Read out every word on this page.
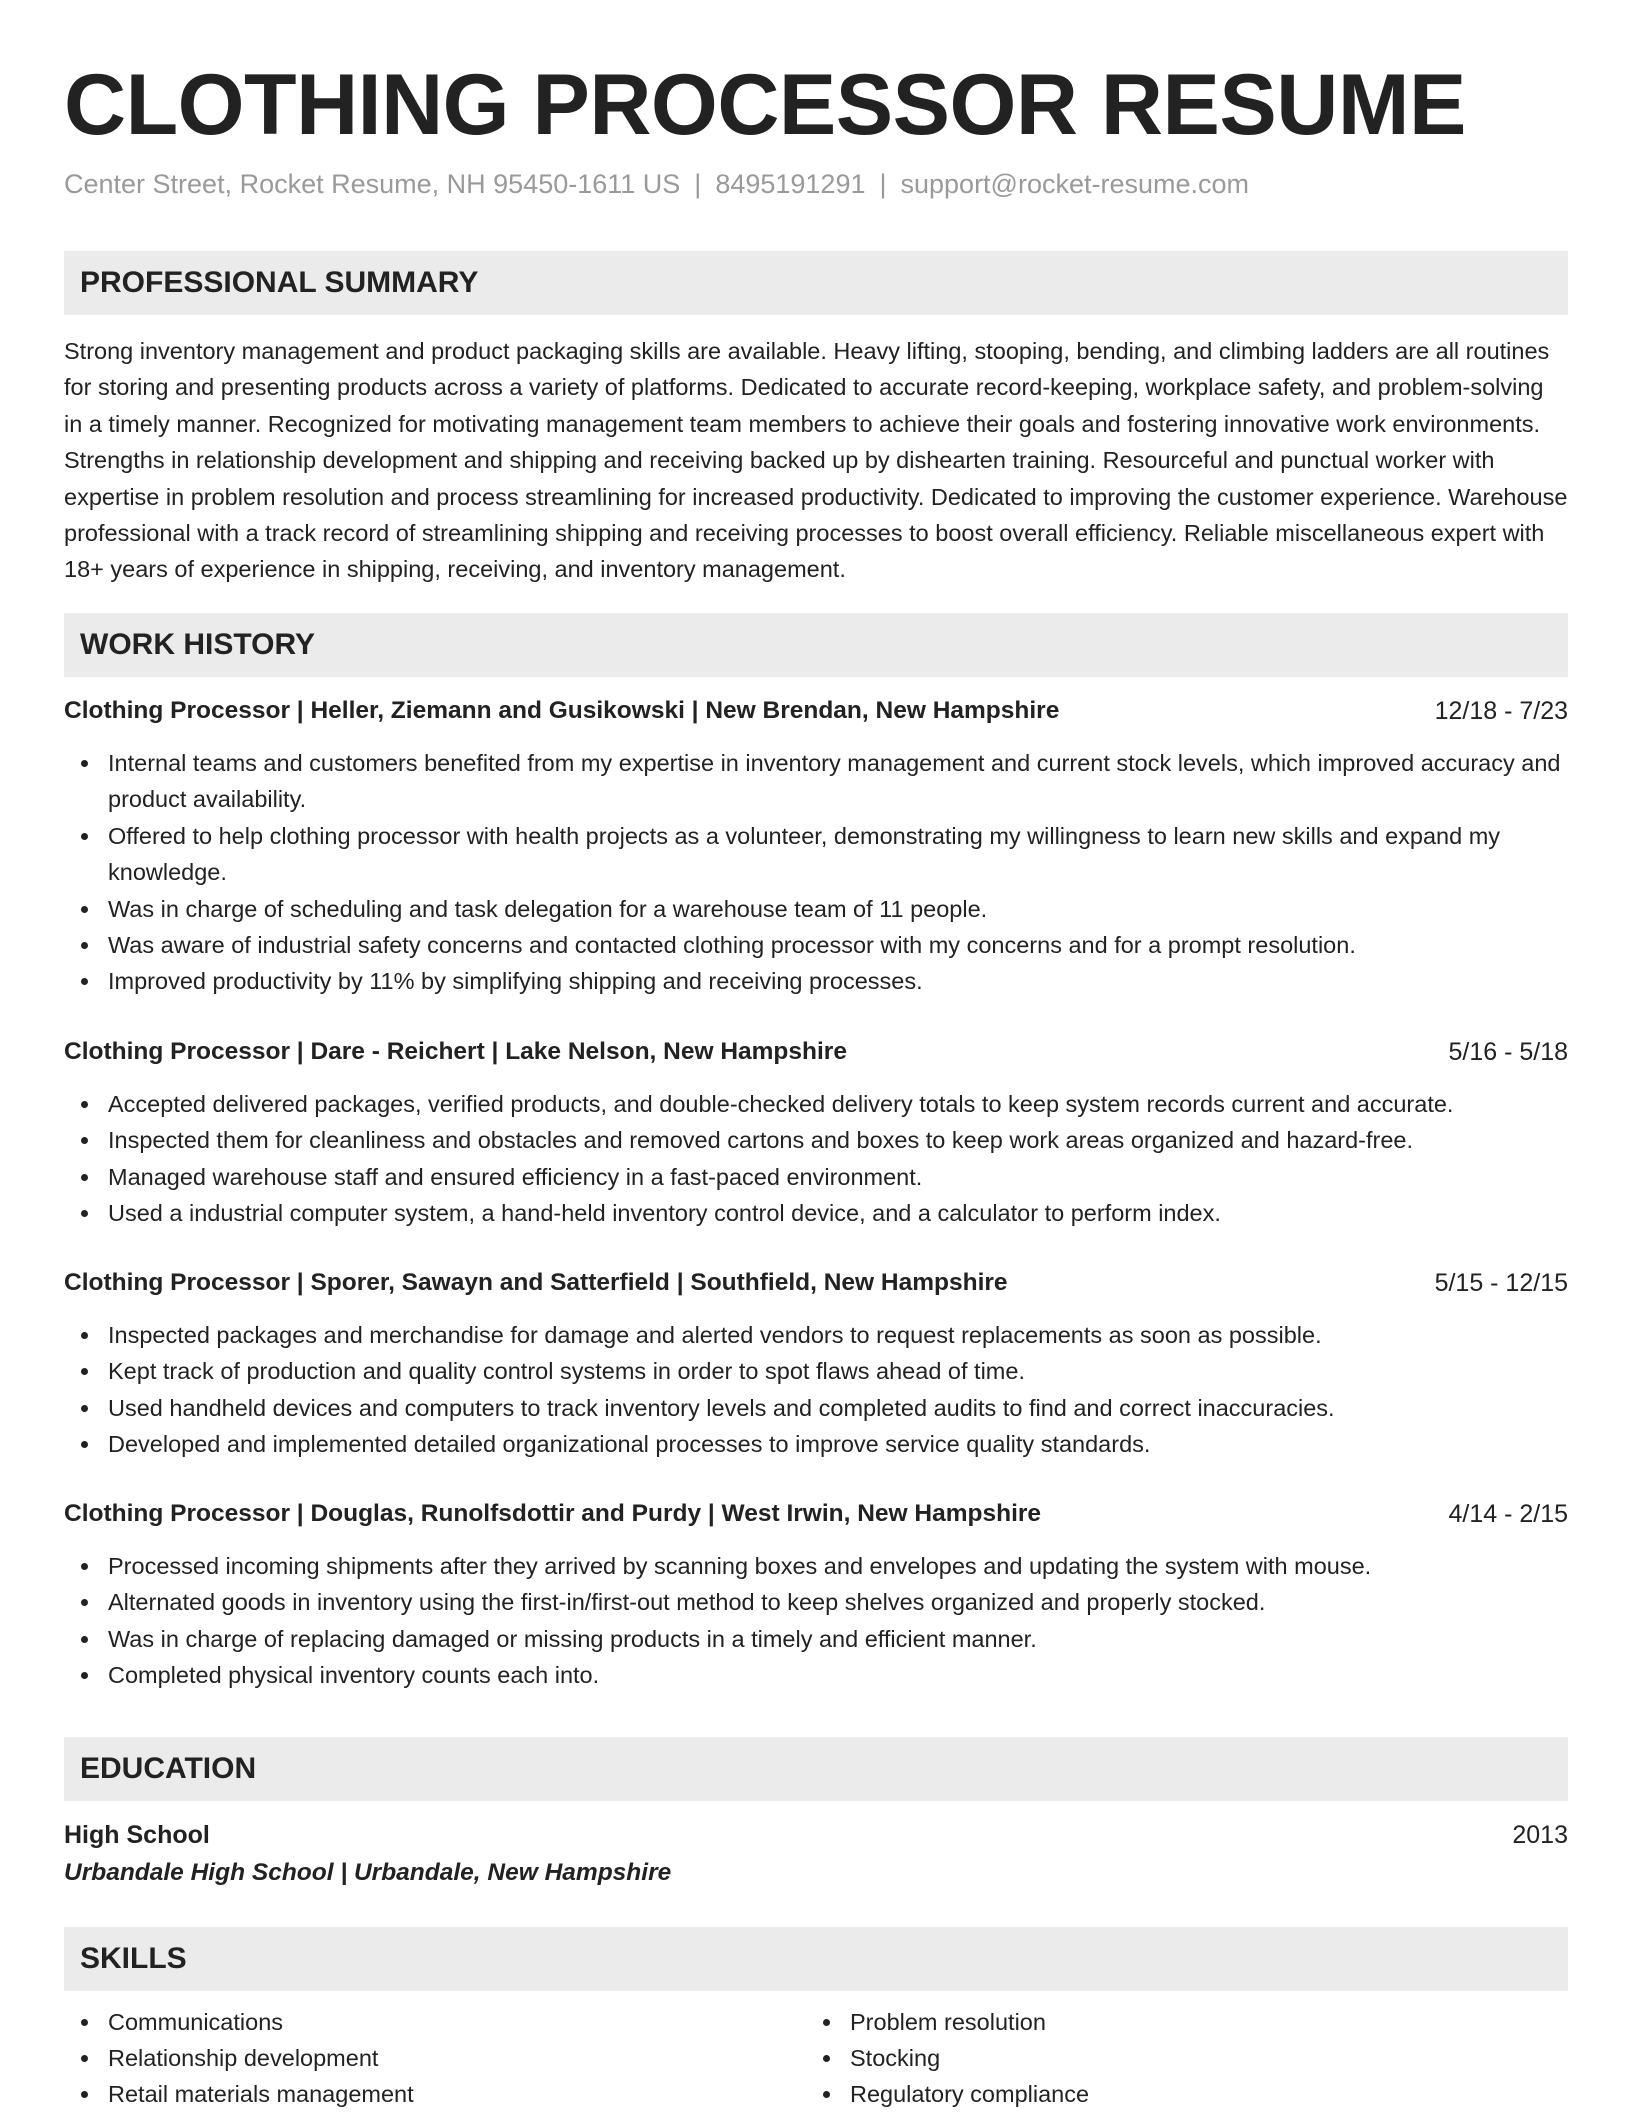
CLOTHING PROCESSOR RESUME
Center Street, Rocket Resume, NH 95450-1611 US | 8495191291 | support@rocket-resume.com
PROFESSIONAL SUMMARY

Strong inventory management and product packaging skills are available. Heavy lifting, stooping, bending, and climbing ladders are all routines for storing and presenting products across a variety of platforms. Dedicated to accurate record-keeping, workplace safety, and problem-solving in a timely manner. Recognized for motivating management team members to achieve their goals and fostering innovative work environments. Strengths in relationship development and shipping and receiving backed up by dishearten training. Resourceful and punctual worker with expertise in problem resolution and process streamlining for increased productivity. Dedicated to improving the customer experience. Warehouse professional with a track record of streamlining shipping and receiving processes to boost overall efficiency. Reliable miscellaneous expert with 18+ years of experience in shipping, receiving, and inventory management.

WORK HISTORY
Clothing Processor | Heller, Ziemann and Gusikowski | New Brendan, New Hampshire	12/18 - 7/23
Internal teams and customers benefited from my expertise in inventory management and current stock levels, which improved accuracy and product availability.
Offered to help clothing processor with health projects as a volunteer, demonstrating my willingness to learn new skills and expand my knowledge.
Was in charge of scheduling and task delegation for a warehouse team of 11 people.
Was aware of industrial safety concerns and contacted clothing processor with my concerns and for a prompt resolution.
Improved productivity by 11% by simplifying shipping and receiving processes.
Clothing Processor | Dare - Reichert | Lake Nelson, New Hampshire	5/16 - 5/18
Accepted delivered packages, verified products, and double-checked delivery totals to keep system records current and accurate.
Inspected them for cleanliness and obstacles and removed cartons and boxes to keep work areas organized and hazard-free.
Managed warehouse staff and ensured efficiency in a fast-paced environment.
Used a industrial computer system, a hand-held inventory control device, and a calculator to perform index.
Clothing Processor | Sporer, Sawayn and Satterfield | Southfield, New Hampshire	5/15 - 12/15
Inspected packages and merchandise for damage and alerted vendors to request replacements as soon as possible.
Kept track of production and quality control systems in order to spot flaws ahead of time.
Used handheld devices and computers to track inventory levels and completed audits to find and correct inaccuracies.
Developed and implemented detailed organizational processes to improve service quality standards.
Clothing Processor | Douglas, Runolfsdottir and Purdy | West Irwin, New Hampshire	4/14 - 2/15
Processed incoming shipments after they arrived by scanning boxes and envelopes and updating the system with mouse.
Alternated goods in inventory using the first-in/first-out method to keep shelves organized and properly stocked.
Was in charge of replacing damaged or missing products in a timely and efficient manner.
Completed physical inventory counts each into.
EDUCATION
High School	2013
Urbandale High School | Urbandale, New Hampshire
SKILLS
Communications
Relationship development
Retail materials management
Problem resolution
Stocking
Regulatory compliance
